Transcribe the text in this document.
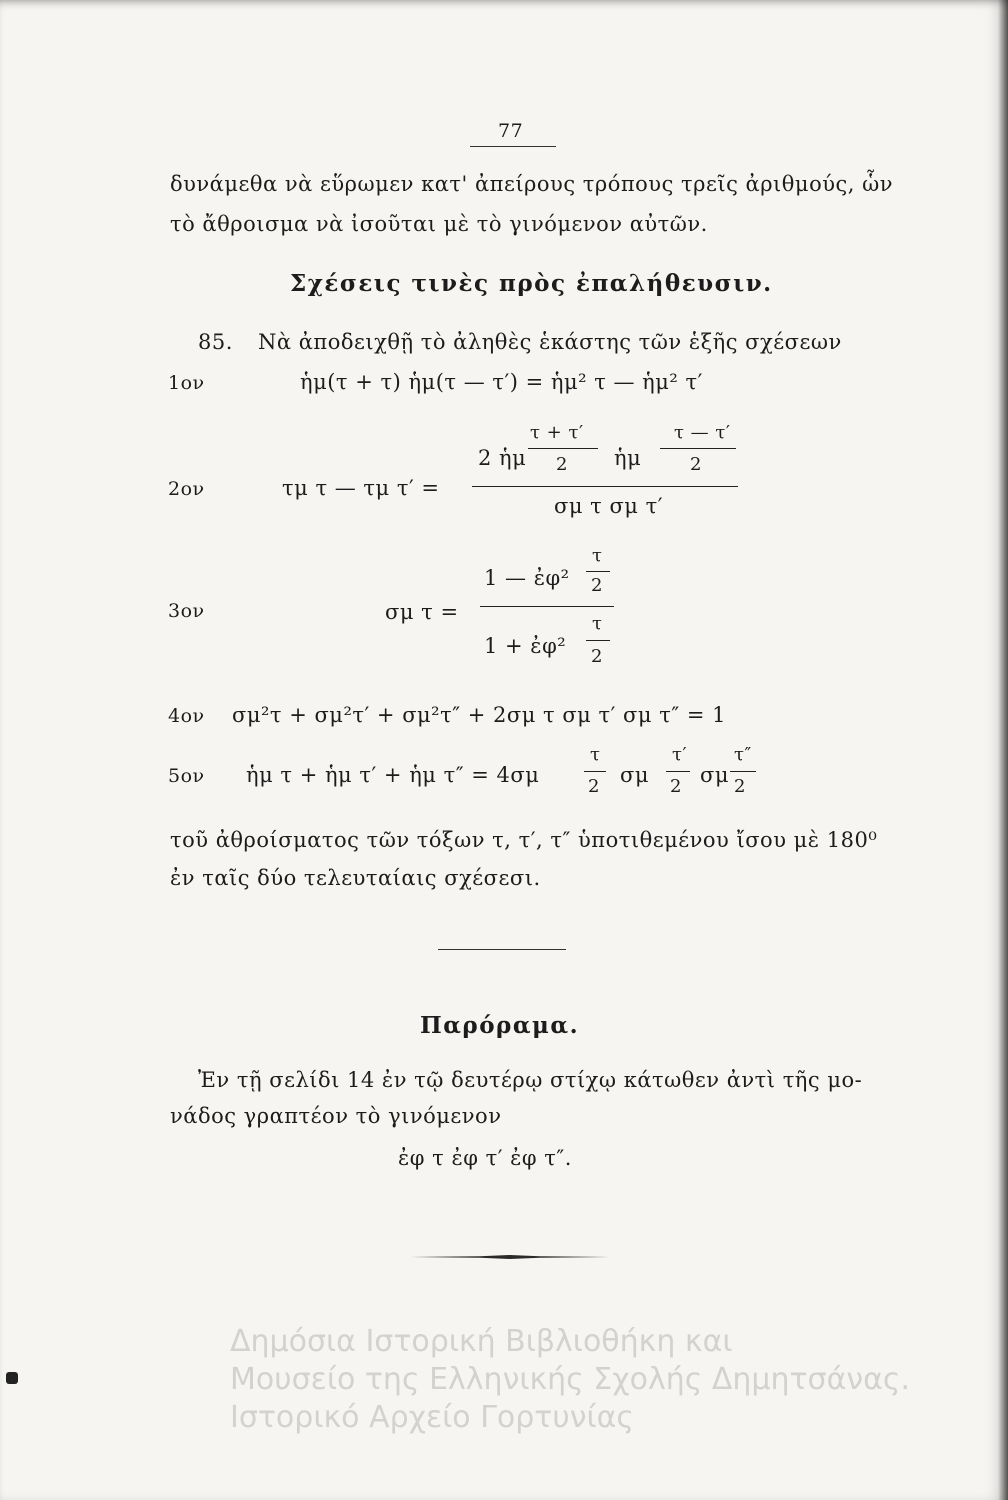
77
δυνάμεθα νὰ εὕρωμεν κατ' ἀπείρους τρόπους τρεῖς ἀριθμούς, ὧν
τὸ ἄθροισμα νὰ ἰσοῦται μὲ τὸ γινόμενον αὐτῶν.
Σχέσεις τινὲς πρὸς ἐπαλήθευσιν.
85. Νὰ ἀποδειχθῇ τὸ ἀληθὲς ἑκάστης τῶν ἑξῆς σχέσεων
1ον	ἡμ(τ + τ) ἡμ(τ — τ′) = ἡμ² τ — ἡμ² τ′
2ον	τμ τ — τμ τ′ =
2 ἡμ
τ + τ′
2 ἡμ
τ — τ′
2
σμ τ σμ τ′
3ον	σμ τ =
1 — ἐφ²
τ
2
1 + ἐφ²
τ
2
4ον σμ²τ + σμ²τ′ + σμ²τ″ + 2σμ τ σμ τ′ σμ τ″ = 1
5ον ἡμ τ + ἡμ τ′ + ἡμ τ″ = 4σμ
τ
2 σμ
τ′
2 σμ
τ″
2
τοῦ ἀθροίσματος τῶν τόξων τ, τ′, τ″ ὑποτιθεμένου ἴσου μὲ 180⁰
ἐν ταῖς δύο τελευταίαις σχέσεσι.
Παρόραμα.
Ἐν τῇ σελίδι 14 ἐν τῷ δευτέρῳ στίχῳ κάτωθεν ἀντὶ τῆς μο-
νάδος γραπτέον τὸ γινόμενον
ἐφ τ ἐφ τ′ ἐφ τ″.
Δημόσια Ιστορική Βιβλιοθήκη και
Μουσείο της Ελληνικής Σχολής Δημητσάνας.
Ιστορικό Αρχείο Γορτυνίας
